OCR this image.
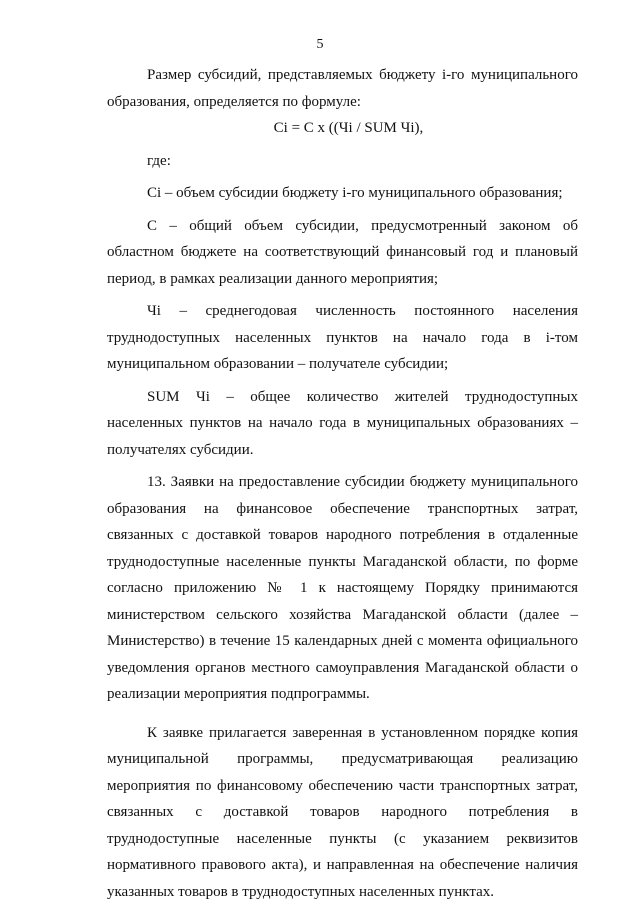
5

Размер субсидий, представляемых бюджету i-го муниципального образования, определяется по формуле:

Ci = C x ((Чi / SUM Чi),

где:

Ci – объем субсидии бюджету i-го муниципального образования;

C – общий объем субсидии, предусмотренный законом об областном бюджете на соответствующий финансовый год и плановый период, в рамках реализации данного мероприятия;

Чi – среднегодовая численность постоянного населения труднодоступных населенных пунктов на начало года в i-том муниципальном образовании – получателе субсидии;

SUM Чi – общее количество жителей труднодоступных населенных пунктов на начало года в муниципальных образованиях – получателях субсидии.

13. Заявки на предоставление субсидии бюджету муниципального образования на финансовое обеспечение транспортных затрат, связанных с доставкой товаров народного потребления в отдаленные труднодоступные населенные пункты Магаданской области, по форме согласно приложению № 1 к настоящему Порядку принимаются министерством сельского хозяйства Магаданской области (далее – Министерство) в течение 15 календарных дней с момента официального уведомления органов местного самоуправления Магаданской области о реализации мероприятия подпрограммы.

К заявке прилагается заверенная в установленном порядке копия муниципальной программы, предусматривающая реализацию мероприятия по финансовому обеспечению части транспортных затрат, связанных с доставкой товаров народного потребления в труднодоступные населенные пункты (с указанием реквизитов нормативного правового акта), и направленная на обеспечение наличия указанных товаров в труднодоступных населенных пунктах.
